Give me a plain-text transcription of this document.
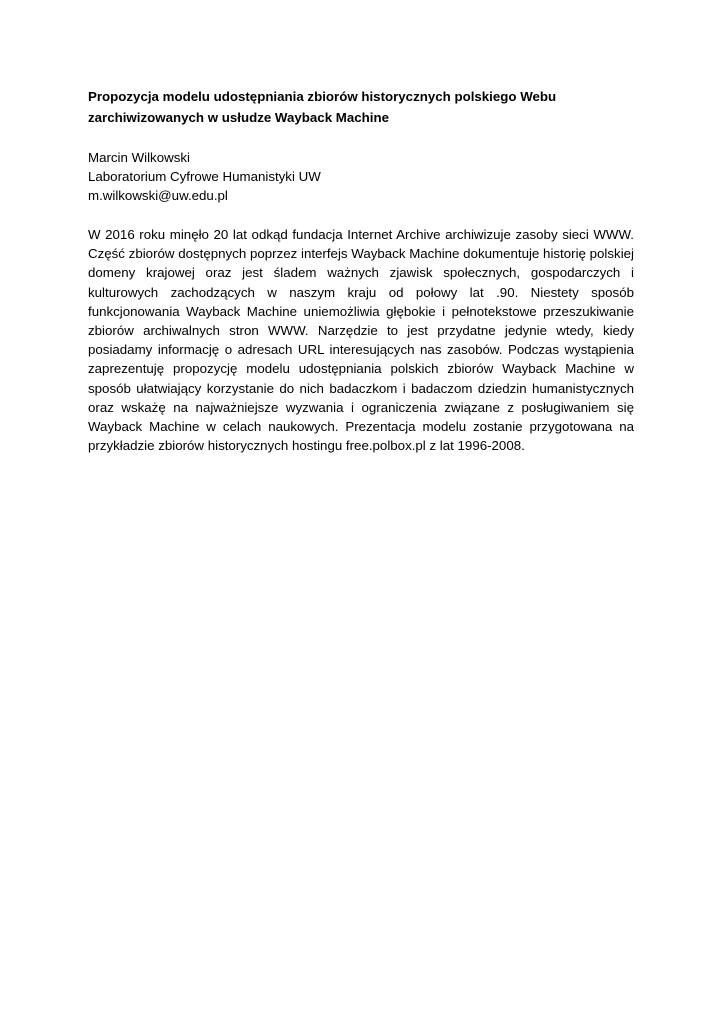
Propozycja modelu udostępniania zbiorów historycznych polskiego Webu zarchiwizowanych w usłudze Wayback Machine
Marcin Wilkowski
Laboratorium Cyfrowe Humanistyki UW
m.wilkowski@uw.edu.pl

W 2016 roku minęło 20 lat odkąd fundacja Internet Archive archiwizuje zasoby sieci WWW. Część zbiorów dostępnych poprzez interfejs Wayback Machine dokumentuje historię polskiej domeny krajowej oraz jest śladem ważnych zjawisk społecznych, gospodarczych i kulturowych zachodzących w naszym kraju od połowy lat .90. Niestety sposób funkcjonowania Wayback Machine uniemożliwia głębokie i pełnotekstowe przeszukiwanie zbiorów archiwalnych stron WWW. Narzędzie to jest przydatne jedynie wtedy, kiedy posiadamy informację o adresach URL interesujących nas zasobów. Podczas wystąpienia zaprezentuję propozycję modelu udostępniania polskich zbiorów Wayback Machine w sposób ułatwiający korzystanie do nich badaczkom i badaczom dziedzin humanistycznych oraz wskażę na najważniejsze wyzwania i ograniczenia związane z posługiwaniem się Wayback Machine w celach naukowych. Prezentacja modelu zostanie przygotowana na przykładzie zbiorów historycznych hostingu free.polbox.pl z lat 1996-2008.
